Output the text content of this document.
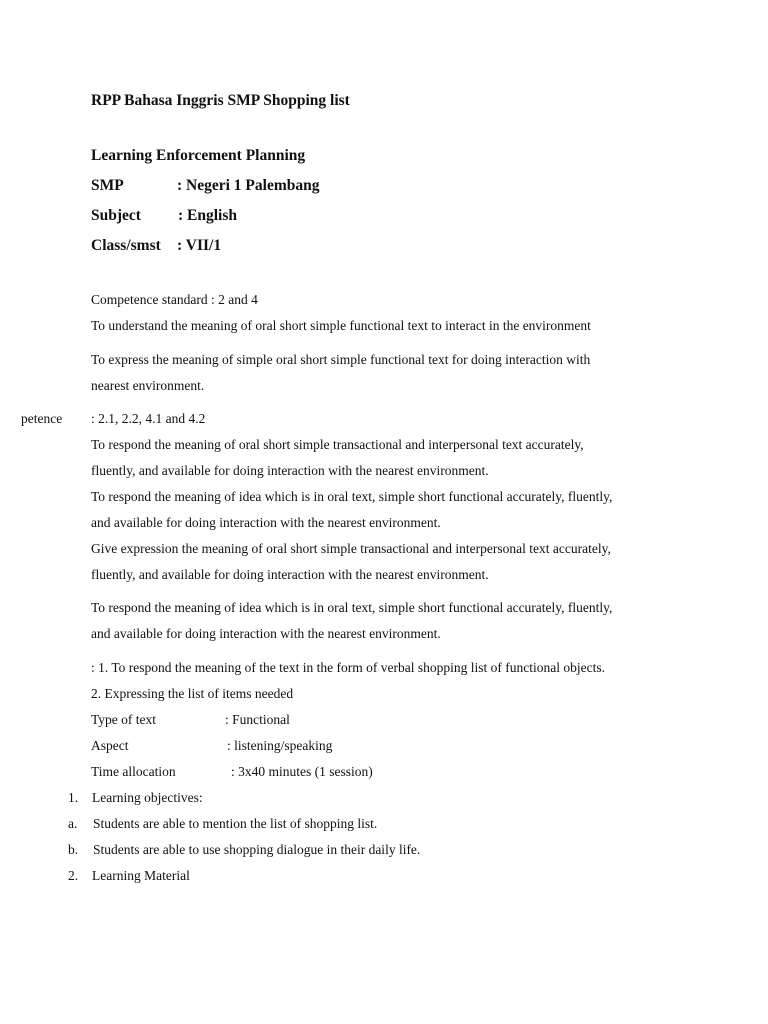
RPP Bahasa Inggris SMP Shopping list
Learning Enforcement Planning
SMP	: Negeri 1 Palembang
Subject : English
Class/smst : VII/1
Competence standard : 2 and 4
To understand the meaning of oral short simple functional text to interact in the environment
To express the meaning of simple oral short simple functional text for doing interaction with
nearest environment.
petence : 2.1, 2.2, 4.1 and 4.2
To respond the meaning of oral short simple transactional and interpersonal text accurately,
fluently, and available for doing interaction with the nearest environment.
To respond the meaning of idea which is in oral text, simple short functional accurately, fluently,
and available for doing interaction with the nearest environment.
Give expression the meaning of oral short simple transactional and interpersonal text accurately,
fluently, and available for doing interaction with the nearest environment.
To respond the meaning of idea which is in oral text, simple short functional accurately, fluently,
and available for doing interaction with the nearest environment.
: 1. To respond the meaning of the text in the form of verbal shopping list of functional objects.
2. Expressing the list of items needed
Type of text	: Functional
Aspect	: listening/speaking
Time allocation	: 3x40 minutes (1 session)
1. Learning objectives:
a. Students are able to mention the list of shopping list.
b. Students are able to use shopping dialogue in their daily life.
2. Learning Material
